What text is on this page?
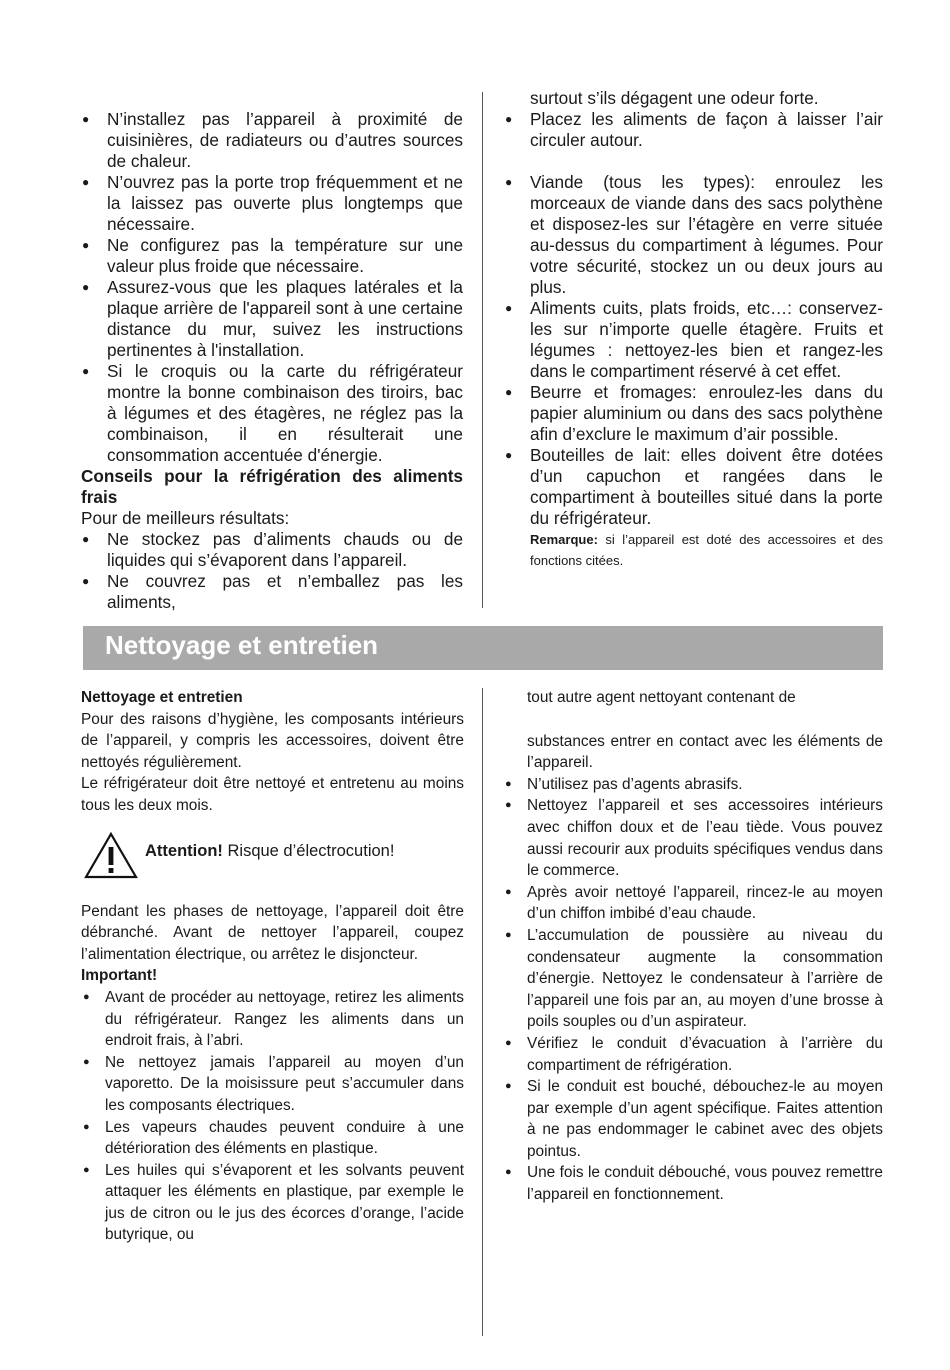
● N’installez pas l’appareil à proximité de cuisinières, de radiateurs ou d’autres sources de chaleur.
● N’ouvrez pas la porte trop fréquemment et ne la laissez pas ouverte plus longtemps que nécessaire.
● Ne configurez pas la température sur une valeur plus froide que nécessaire.
● Assurez-vous que les plaques latérales et la plaque arrière de l'appareil sont à une certaine distance du mur, suivez les instructions pertinentes à l'installation.
● Si le croquis ou la carte du réfrigérateur montre la bonne combinaison des tiroirs, bac à légumes et des étagères, ne réglez pas la combinaison, il en résulterait une consommation accentuée d'énergie.

Conseils pour la réfrigération des aliments frais

Pour de meilleurs résultats:

● Ne stockez pas d’aliments chauds ou de liquides qui s’évaporent dans l’appareil.
● Ne couvrez pas et n’emballez pas les aliments,

surtout s’ils dégagent une odeur forte.

● Placez les aliments de façon à laisser l’air circuler autour.
● Viande (tous les types): enroulez les morceaux de viande dans des sacs polythène et disposez-les sur l’étagère en verre située au-dessus du compartiment à légumes. Pour votre sécurité, stockez un ou deux jours au plus.
● Aliments cuits, plats froids, etc…: conservez-les sur n’importe quelle étagère. Fruits et légumes : nettoyez-les bien et rangez-les dans le compartiment réservé à cet effet.
● Beurre et fromages: enroulez-les dans du papier aluminium ou dans des sacs polythène afin d’exclure le maximum d’air possible.
● Bouteilles de lait: elles doivent être dotées d’un capuchon et rangées dans le compartiment à bouteilles situé dans la porte du réfrigérateur.

Remarque: si l’appareil est doté des accessoires et des fonctions citées.

Nettoyage et entretien

Nettoyage et entretien

Pour des raisons d’hygiène, les composants intérieurs de l’appareil, y compris les accessoires, doivent être nettoyés régulièrement.

Le réfrigérateur doit être nettoyé et entretenu au moins tous les deux mois.

Attention! Risque d’électrocution!

Pendant les phases de nettoyage, l’appareil doit être débranché. Avant de nettoyer l’appareil, coupez l’alimentation électrique, ou arrêtez le disjoncteur.

Important!

● Avant de procéder au nettoyage, retirez les aliments du réfrigérateur. Rangez les aliments dans un endroit frais, à l’abri.
● Ne nettoyez jamais l’appareil au moyen d’un vaporetto. De la moisissure peut s’accumuler dans les composants électriques.
● Les vapeurs chaudes peuvent conduire à une détérioration des éléments en plastique.
● Les huiles qui s’évaporent et les solvants peuvent attaquer les éléments en plastique, par exemple le jus de citron ou le jus des écorces d’orange, l’acide butyrique, ou

tout autre agent nettoyant contenant de

substances entrer en contact avec les éléments de l’appareil.

● N’utilisez pas d’agents abrasifs.
● Nettoyez l’appareil et ses accessoires intérieurs avec chiffon doux et de l’eau tiède. Vous pouvez aussi recourir aux produits spécifiques vendus dans le commerce.
● Après avoir nettoyé l’appareil, rincez-le au moyen d’un chiffon imbibé d’eau chaude.
● L’accumulation de poussière au niveau du condensateur augmente la consommation d’énergie. Nettoyez le condensateur à l’arrière de l’appareil une fois par an, au moyen d’une brosse à poils souples ou d’un aspirateur.
● Vérifiez le conduit d’évacuation à l’arrière du compartiment de réfrigération.
● Si le conduit est bouché, débouchez-le au moyen par exemple d’un agent spécifique. Faites attention à ne pas endommager le cabinet avec des objets pointus.
● Une fois le conduit débouché, vous pouvez remettre l’appareil en fonctionnement.
